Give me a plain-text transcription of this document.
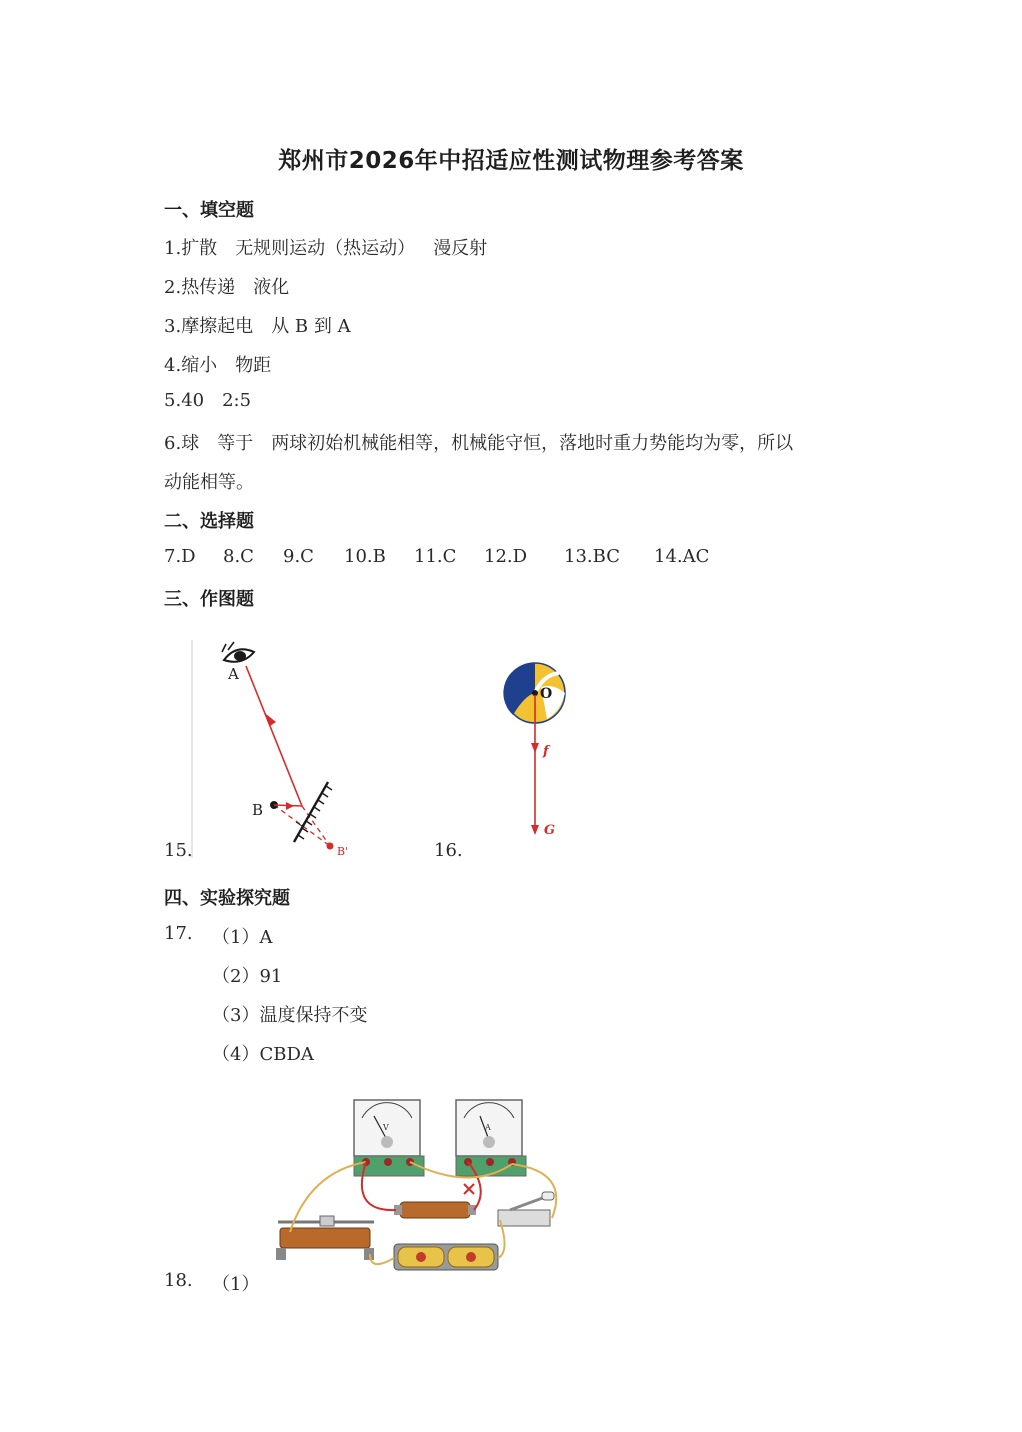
郑州市2026年中招适应性测试物理参考答案
一、填空题
1.扩散 无规则运动（热运动） 漫反射
2.热传递 液化
3.摩擦起电 从 B 到 A
4.缩小 物距
5.40 2:5
6.球 等于 两球初始机械能相等，机械能守恒，落地时重力势能均为零，所以
动能相等。
二、选择题
7.D 8.C 9.C 10.B 11.C 12.D 13.BC 14.AC
三、作图题
A
B
B'
15.
O
f
G
16.
四、实验探究题
17. （1）A
（2）91
（3）温度保持不变
（4）CBDA
V	A
18. （1）
